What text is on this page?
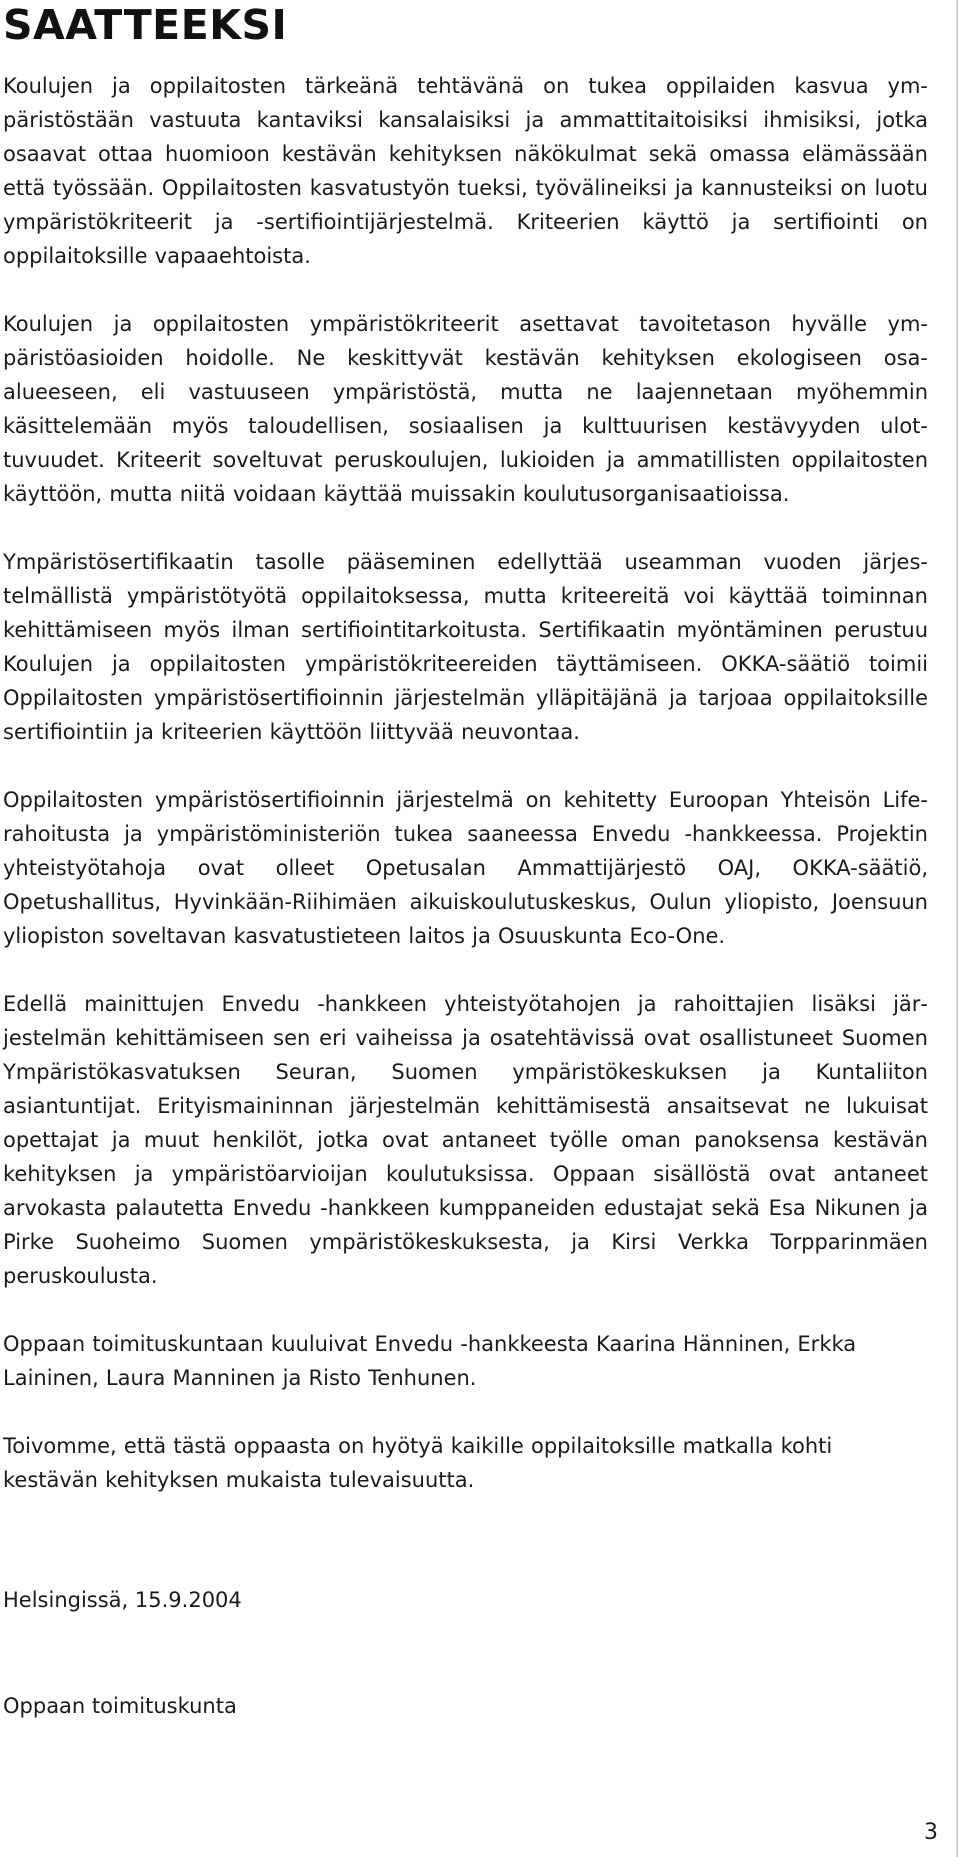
SAATTEEKSI

Koulujen ja oppilaitosten tärkeänä tehtävänä on tukea oppilaiden kasvua ympäristöstään vastuuta kantaviksi kansalaisiksi ja ammattitaitoisiksi ihmisiksi, jotka osaavat ottaa huomioon kestävän kehityksen näkökulmat sekä omassa elämässään että työssään. Oppilaitosten kasvatustyön tueksi, työvälineiksi ja kannusteiksi on luotu ympäristökriteerit ja -sertifiointijärjestelmä. Kriteerien käyttö ja sertifiointi on oppilaitoksille vapaaehtoista.

Koulujen ja oppilaitosten ympäristökriteerit asettavat tavoitetason hyvälle ympäristöasioiden hoidolle. Ne keskittyvät kestävän kehityksen ekologiseen osaalueeseen, eli vastuuseen ympäristöstä, mutta ne laajennetaan myöhemmin käsittelemään myös taloudellisen, sosiaalisen ja kulttuurisen kestävyyden ulottuvuudet. Kriteerit soveltuvat peruskoulujen, lukioiden ja ammatillisten oppilaitosten käyttöön, mutta niitä voidaan käyttää muissakin koulutusorganisaatioissa.

Ympäristösertifikaatin tasolle pääseminen edellyttää useamman vuoden järjestelmällistä ympäristötyötä oppilaitoksessa, mutta kriteereitä voi käyttää toiminnan kehittämiseen myös ilman sertifiointitarkoitusta. Sertifikaatin myöntäminen perustuu Koulujen ja oppilaitosten ympäristökriteereiden täyttämiseen. OKKA-säätiö toimii Oppilaitosten ympäristösertifioinnin järjestelmän ylläpitäjänä ja tarjoaa oppilaitoksille sertifiointiin ja kriteerien käyttöön liittyvää neuvontaa.

Oppilaitosten ympäristösertifioinnin järjestelmä on kehitetty Euroopan Yhteisön Life-rahoitusta ja ympäristöministeriön tukea saaneessa Envedu -hankkeessa. Projektin yhteistyötahoja ovat olleet Opetusalan Ammattijärjestö OAJ, OKKA-säätiö, Opetushallitus, Hyvinkään-Riihimäen aikuiskoulutuskeskus, Oulun yliopisto, Joensuun yliopiston soveltavan kasvatustieteen laitos ja Osuuskunta Eco-One.

Edellä mainittujen Envedu -hankkeen yhteistyötahojen ja rahoittajien lisäksi järjestelmän kehittämiseen sen eri vaiheissa ja osatehtävissä ovat osallistuneet Suomen Ympäristökasvatuksen Seuran, Suomen ympäristökeskuksen ja Kuntaliiton asiantuntijat. Erityismaininnan järjestelmän kehittämisestä ansaitsevat ne lukuisat opettajat ja muut henkilöt, jotka ovat antaneet työlle oman panoksensa kestävän kehityksen ja ympäristöarvioijan koulutuksissa. Oppaan sisällöstä ovat antaneet arvokasta palautetta Envedu -hankkeen kumppaneiden edustajat sekä Esa Nikunen ja Pirke Suoheimo Suomen ympäristökeskuksesta, ja Kirsi Verkka Torpparinmäen peruskoulusta.

Oppaan toimituskuntaan kuuluivat Envedu -hankkeesta Kaarina Hänninen, Erkka Laininen, Laura Manninen ja Risto Tenhunen.

Toivomme, että tästä oppaasta on hyötyä kaikille oppilaitoksille matkalla kohti kestävän kehityksen mukaista tulevaisuutta.

Helsingissä, 15.9.2004

Oppaan toimituskunta

3
